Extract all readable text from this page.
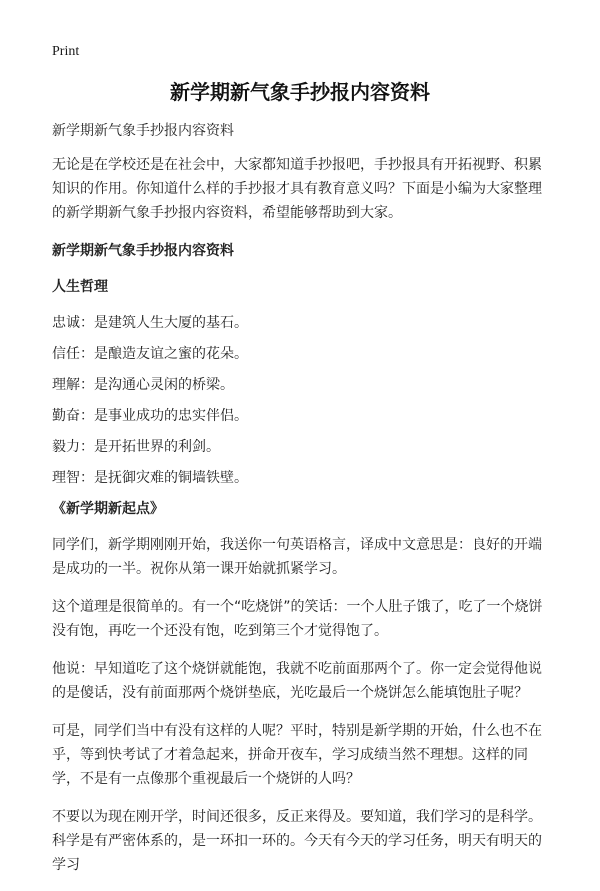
Print
新学期新气象手抄报内容资料

新学期新气象手抄报内容资料

无论是在学校还是在社会中，大家都知道手抄报吧，手抄报具有开拓视野、积累知识的作用。你知道什么样的手抄报才具有教育意义吗？下面是小编为大家整理的新学期新气象手抄报内容资料，希望能够帮助到大家。

新学期新气象手抄报内容资料

人生哲理

忠诚：是建筑人生大厦的基石。

信任：是酿造友谊之蜜的花朵。

理解：是沟通心灵闲的桥梁。

勤奋：是事业成功的忠实伴侣。

毅力：是开拓世界的利剑。

理智：是抚御灾难的铜墙铁壁。

《新学期新起点》

同学们，新学期刚刚开始，我送你一句英语格言，译成中文意思是：良好的开端是成功的一半。祝你从第一课开始就抓紧学习。

这个道理是很简单的。有一个“吃烧饼”的笑话：一个人肚子饿了，吃了一个烧饼没有饱，再吃一个还没有饱，吃到第三个才觉得饱了。

他说：早知道吃了这个烧饼就能饱，我就不吃前面那两个了。你一定会觉得他说的是傻话，没有前面那两个烧饼垫底，光吃最后一个烧饼怎么能填饱肚子呢？

可是，同学们当中有没有这样的人呢？平时，特别是新学期的开始，什么也不在乎，等到快考试了才着急起来，拼命开夜车，学习成绩当然不理想。这样的同学，不是有一点像那个重视最后一个烧饼的人吗？

不要以为现在刚开学，时间还很多，反正来得及。要知道，我们学习的是科学。科学是有严密体系的，是一环扣一环的。今天有今天的学习任务，明天有明天的学习
